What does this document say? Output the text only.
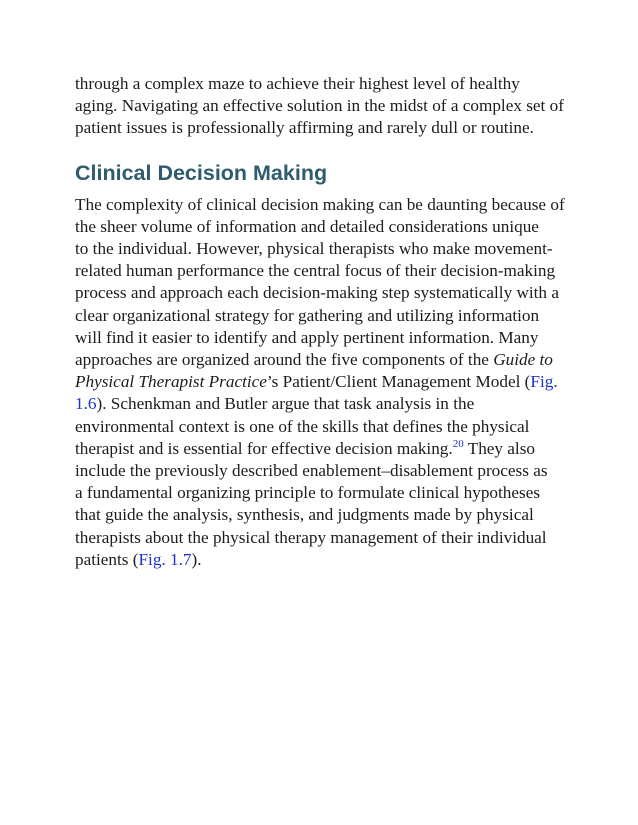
through a complex maze to achieve their highest level of healthy
aging. Navigating an effective solution in the midst of a complex set of
patient issues is professionally affirming and rarely dull or routine.

Clinical Decision Making

The complexity of clinical decision making can be daunting because of
the sheer volume of information and detailed considerations unique
to the individual. However, physical therapists who make movement-
related human performance the central focus of their decision-making
process and approach each decision-making step systematically with a
clear organizational strategy for gathering and utilizing information
will find it easier to identify and apply pertinent information. Many
approaches are organized around the five components of the Guide to
Physical Therapist Practice’s Patient/Client Management Model (Fig.
1.6). Schenkman and Butler argue that task analysis in the
environmental context is one of the skills that defines the physical
therapist and is essential for effective decision making.$^{20}$ They also
include the previously described enablement–disablement process as
a fundamental organizing principle to formulate clinical hypotheses
that guide the analysis, synthesis, and judgments made by physical
therapists about the physical therapy management of their individual
patients (Fig. 1.7).
